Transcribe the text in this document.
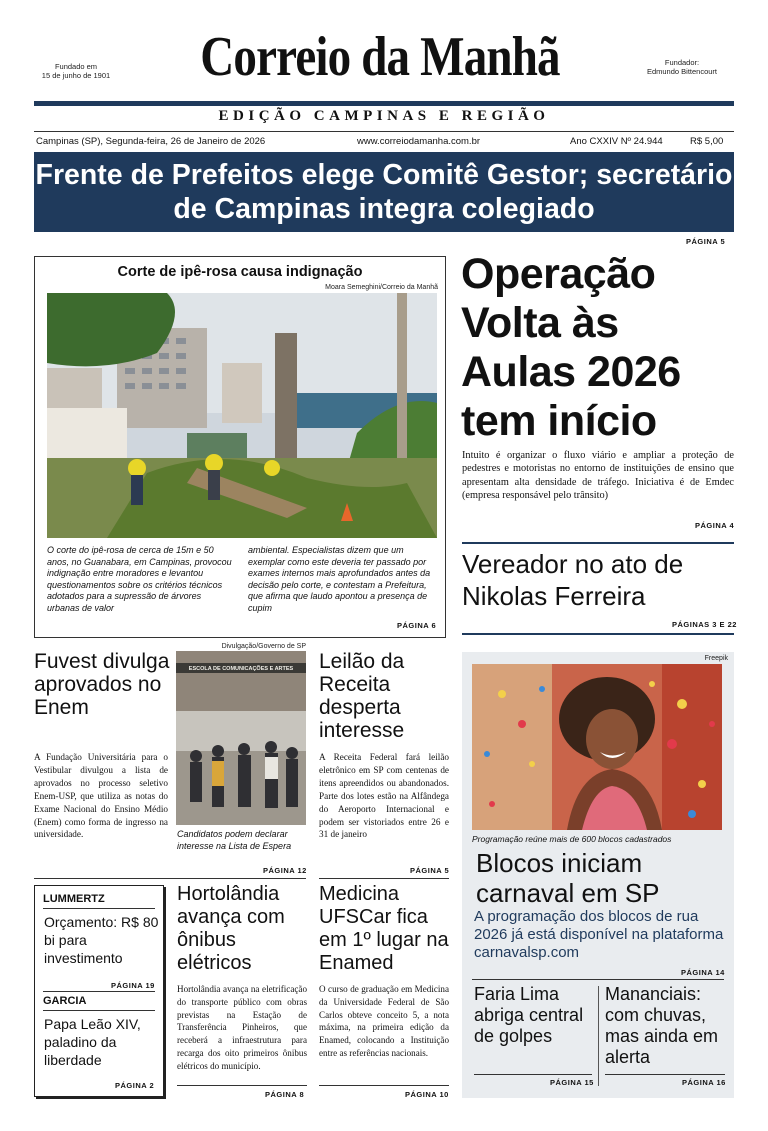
Fundado em
15 de junho de 1901	Correio da Manhã	Fundador:
Edmundo Bittencourt
EDIÇÃO CAMPINAS E REGIÃO
Campinas (SP), Segunda-feira, 26 de Janeiro de 2026	www.correiodamanha.com.br	Ano CXXIV Nº 24.944	R$ 5,00
Frente de Prefeitos elege Comitê Gestor; secretário de Campinas integra colegiado
PÁGINA 5
Corte de ipê-rosa causa indignação
Moara Semeghini/Correio da Manhã
O corte do ipê-rosa de cerca de 15m e 50 anos, no Guanabara, em Campinas, provocou indignação entre moradores e levantou questionamentos sobre os critérios técnicos adotados para a supressão de árvores urbanas de valor
ambiental. Especialistas dizem que um exemplar como este deveria ter passado por exames internos mais aprofundados antes da decisão pelo corte, e contestam a Prefeitura, que afirma que laudo apontou a presença de cupim
PÁGINA 6
Operação Volta às Aulas 2026 tem início
Intuito é organizar o fluxo viário e ampliar a proteção de pedestres e motoristas no entorno de instituições de ensino que apresentam alta densidade de tráfego. Iniciativa é de Emdec (empresa responsável pelo trânsito)
PÁGINA 4
Vereador no ato de Nikolas Ferreira
PÁGINAS 3 E 22
Fuvest divulga aprovados no Enem
A Fundação Universitária para o Vestibular divulgou a lista de aprovados no processo seletivo Enem-USP, que utiliza as notas do Exame Nacional do Ensino Médio (Enem) como forma de ingresso na universidade.
Divulgação/Governo de SP
ESCOLA DE COMUNICAÇÕES E ARTES
Candidatos podem declarar interesse na Lista de Espera
PÁGINA 12
Leilão da Receita desperta interesse
A Receita Federal fará leilão eletrônico em SP com centenas de itens apreendidos ou abandonados. Parte dos lotes estão na Alfândega do Aeroporto Internacional e podem ser vistoriados entre 26 e 31 de janeiro
PÁGINA 5
Freepik
Programação reúne mais de 600 blocos cadastrados
Blocos iniciam carnaval em SP
A programação dos blocos de rua 2026 já está disponível na plataforma carnavalsp.com
PÁGINA 14
Faria Lima abriga central de golpes
PÁGINA 15
Mananciais: com chuvas, mas ainda em alerta
PÁGINA 16
LUMMERTZ
Orçamento: R$ 80 bi para investimento
PÁGINA 19
GARCIA
Papa Leão XIV, paladino da liberdade
PÁGINA 2
Hortolândia avança com ônibus elétricos
Hortolândia avança na eletrificação do transporte público com obras previstas na Estação de Transferência Pinheiros, que receberá a infraestrutura para recarga dos oito primeiros ônibus elétricos do município.
PÁGINA 8
Medicina UFSCar fica em 1º lugar na Enamed
O curso de graduação em Medicina da Universidade Federal de São Carlos obteve conceito 5, a nota máxima, na primeira edição da Enamed, colocando a Instituição entre as referências nacionais.
PÁGINA 10
